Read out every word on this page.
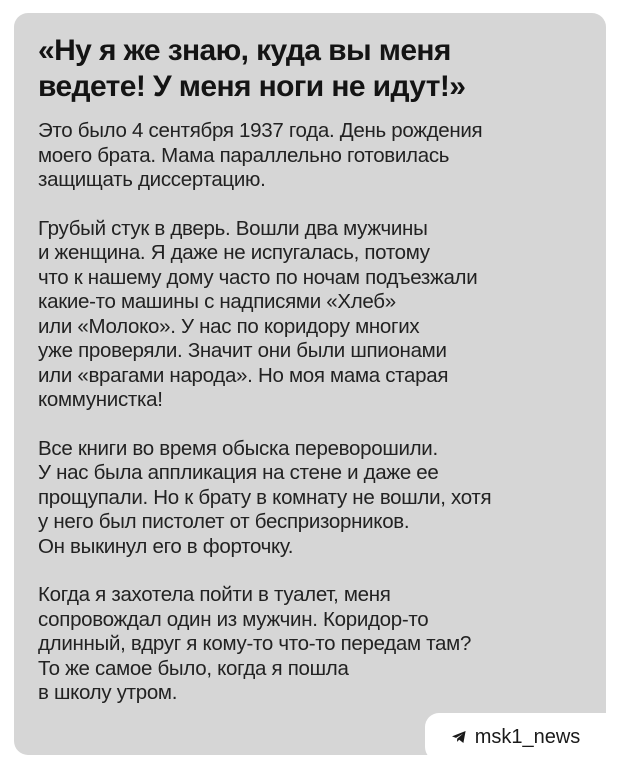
«Ну я же знаю, куда вы меня
ведете! У меня ноги не идут!»

Это было 4 сентября 1937 года. День рождения
моего брата. Мама параллельно готовилась
защищать диссертацию.

Грубый стук в дверь. Вошли два мужчины
и женщина. Я даже не испугалась, потому
что к нашему дому часто по ночам подъезжали
какие-то машины с надписями «Хлеб»
или «Молоко». У нас по коридору многих
уже проверяли. Значит они были шпионами
или «врагами народа». Но моя мама старая
коммунистка!

Все книги во время обыска переворошили.
У нас была аппликация на стене и даже ее
прощупали. Но к брату в комнату не вошли, хотя
у него был пистолет от беспризорников.
Он выкинул его в форточку.

Когда я захотела пойти в туалет, меня
сопровождал один из мужчин. Коридор-то
длинный, вдруг я кому-то что-то передам там?
То же самое было, когда я пошла
в школу утром.

msk1_news
